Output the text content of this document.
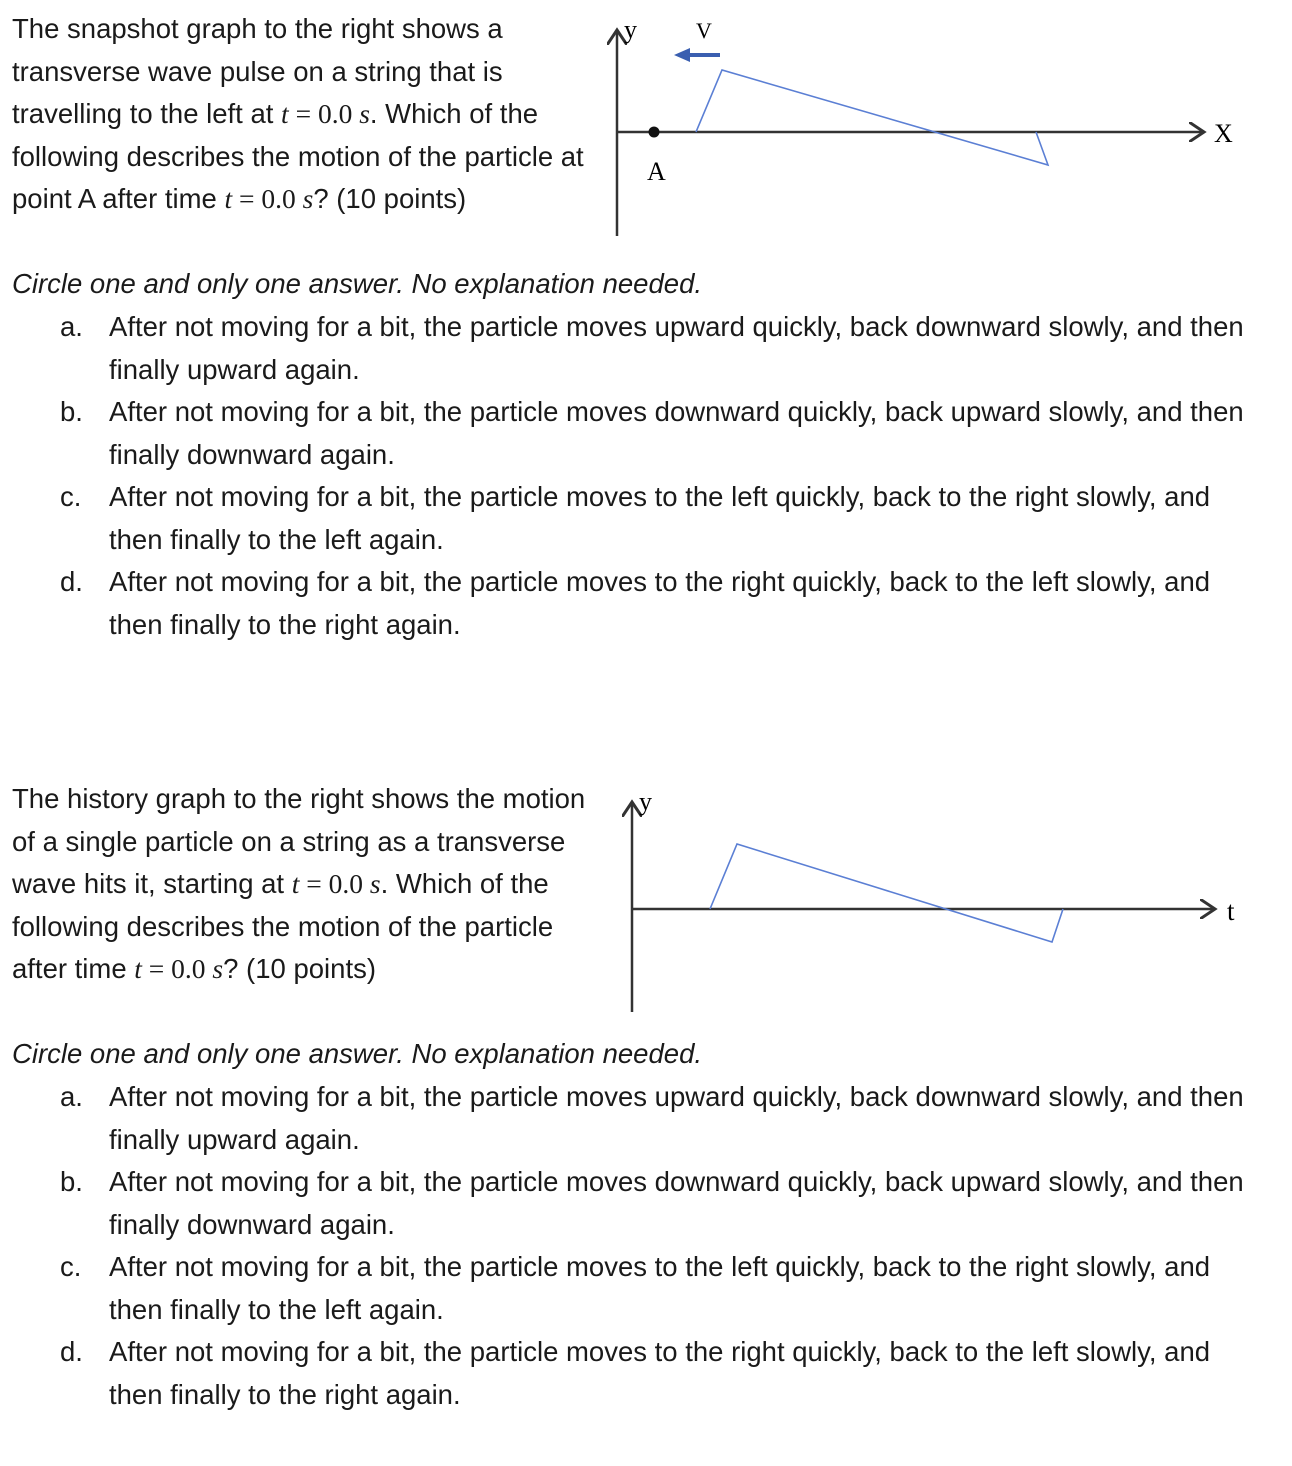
The snapshot graph to the right shows a transverse wave pulse on a string that is travelling to the left at t = 0.0 s. Which of the following describes the motion of the particle at point A after time t = 0.0 s? (10 points)
y
X
V
A
Circle one and only one answer. No explanation needed.
a. After not moving for a bit, the particle moves upward quickly, back downward slowly, and then finally upward again.
b. After not moving for a bit, the particle moves downward quickly, back upward slowly, and then finally downward again.
c. After not moving for a bit, the particle moves to the left quickly, back to the right slowly, and then finally to the left again.
d. After not moving for a bit, the particle moves to the right quickly, back to the left slowly, and then finally to the right again.
The history graph to the right shows the motion of a single particle on a string as a transverse wave hits it, starting at t = 0.0 s. Which of the following describes the motion of the particle after time t = 0.0 s? (10 points)
y
t
Circle one and only one answer. No explanation needed.
a. After not moving for a bit, the particle moves upward quickly, back downward slowly, and then finally upward again.
b. After not moving for a bit, the particle moves downward quickly, back upward slowly, and then finally downward again.
c. After not moving for a bit, the particle moves to the left quickly, back to the right slowly, and then finally to the left again.
d. After not moving for a bit, the particle moves to the right quickly, back to the left slowly, and then finally to the right again.
